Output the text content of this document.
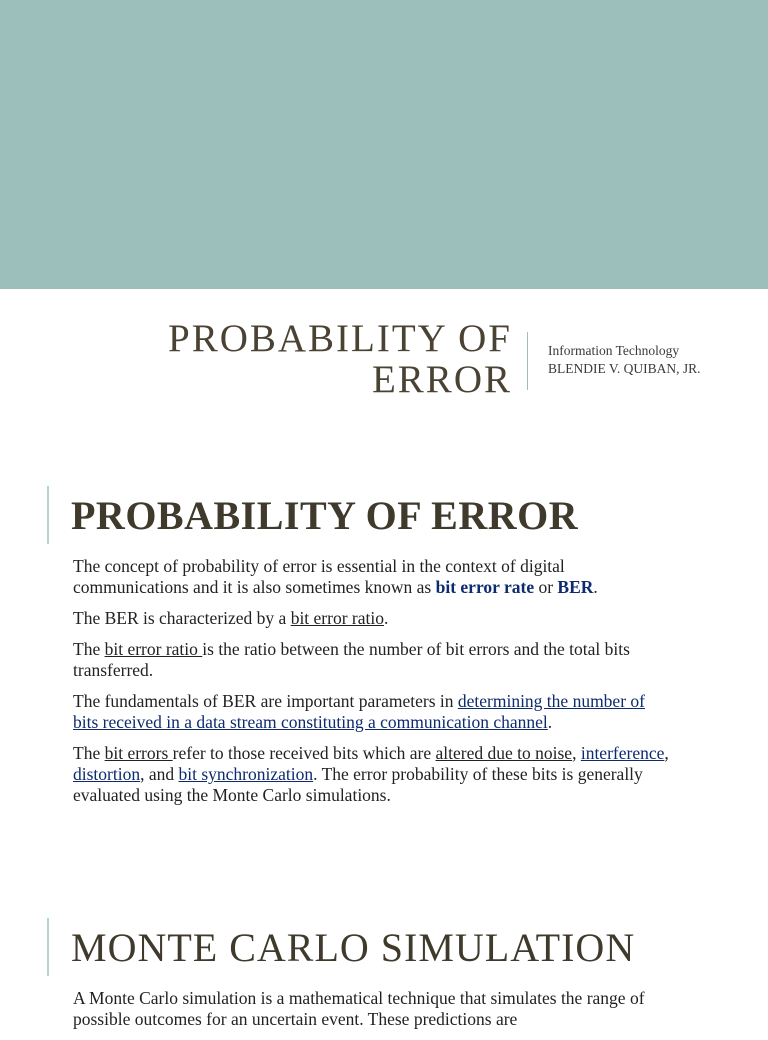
PROBABILITY OF
ERROR
Information Technology
BLENDIE V. QUIBAN, JR.
PROBABILITY OF ERROR

The concept of probability of error is essential in the context of digital communications and it is also sometimes known as bit error rate or BER.

The BER is characterized by a bit error ratio.

The bit error ratio is the ratio between the number of bit errors and the total bits transferred.

The fundamentals of BER are important parameters in determining the number of bits received in a data stream constituting a communication channel.

The bit errors refer to those received bits which are altered due to noise, interference, distortion, and bit synchronization. The error probability of these bits is generally evaluated using the Monte Carlo simulations.

MONTE CARLO SIMULATION

A Monte Carlo simulation is a mathematical technique that simulates the range of possible outcomes for an uncertain event. These predictions are
